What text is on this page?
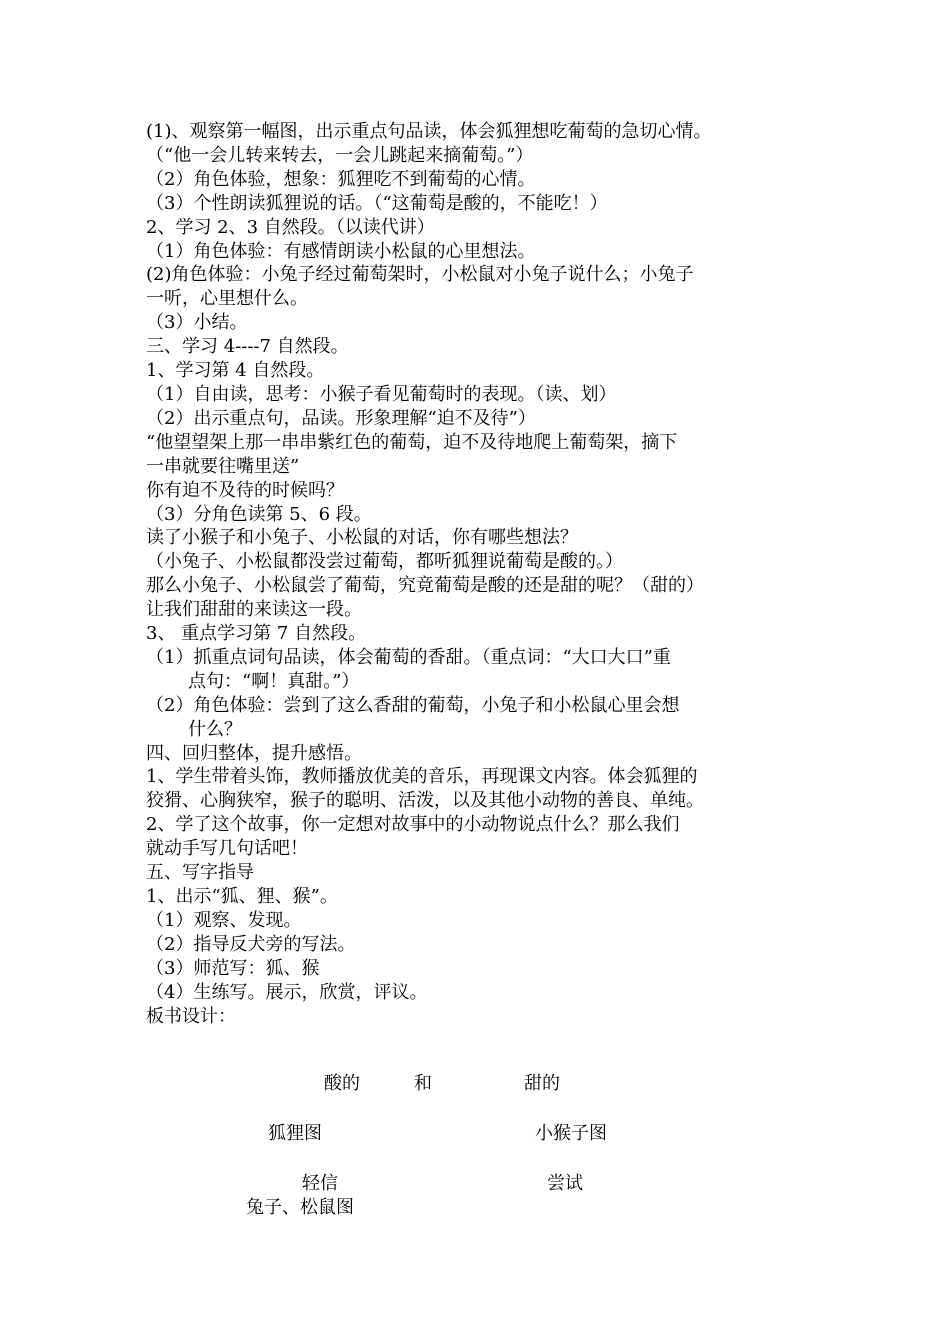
(1)、观察第一幅图，出示重点句品读，体会狐狸想吃葡萄的急切心情。
（“他一会儿转来转去，一会儿跳起来摘葡萄。”）
（2）角色体验，想象：狐狸吃不到葡萄的心情。
（3）个性朗读狐狸说的话。（“这葡萄是酸的，不能吃！）
2、学习 2、3 自然段。（以读代讲）
（1）角色体验：有感情朗读小松鼠的心里想法。
(2)角色体验：小兔子经过葡萄架时，小松鼠对小兔子说什么；小兔子
一听，心里想什么。
（3）小结。
三、学习 4----7 自然段。
1、学习第 4 自然段。
（1）自由读，思考：小猴子看见葡萄时的表现。（读、划）
（2）出示重点句，品读。形象理解“迫不及待”）
“他望望架上那一串串紫红色的葡萄，迫不及待地爬上葡萄架，摘下
一串就要往嘴里送”
你有迫不及待的时候吗？
（3）分角色读第 5、6 段。
读了小猴子和小兔子、小松鼠的对话，你有哪些想法？
（小兔子、小松鼠都没尝过葡萄，都听狐狸说葡萄是酸的。）
那么小兔子、小松鼠尝了葡萄，究竟葡萄是酸的还是甜的呢？（甜的）
让我们甜甜的来读这一段。
3、 重点学习第 7 自然段。
（1）抓重点词句品读，体会葡萄的香甜。（重点词：“大口大口”重
点句：“啊！真甜。”）
（2）角色体验：尝到了这么香甜的葡萄，小兔子和小松鼠心里会想
什么？
四、回归整体，提升感悟。
1、学生带着头饰，教师播放优美的音乐，再现课文内容。体会狐狸的
狡猾、心胸狭窄，猴子的聪明、活泼，以及其他小动物的善良、单纯。
2、学了这个故事，你一定想对故事中的小动物说点什么？那么我们
就动手写几句话吧！
五、写字指导
1、出示“狐、狸、猴”。
（1）观察、发现。
（2）指导反犬旁的写法。
（3）师范写：狐、猴
（4）生练写。展示，欣赏，评议。
板书设计：
酸的	和	甜的
狐狸图	小猴子图
轻信	尝试
兔子、松鼠图
